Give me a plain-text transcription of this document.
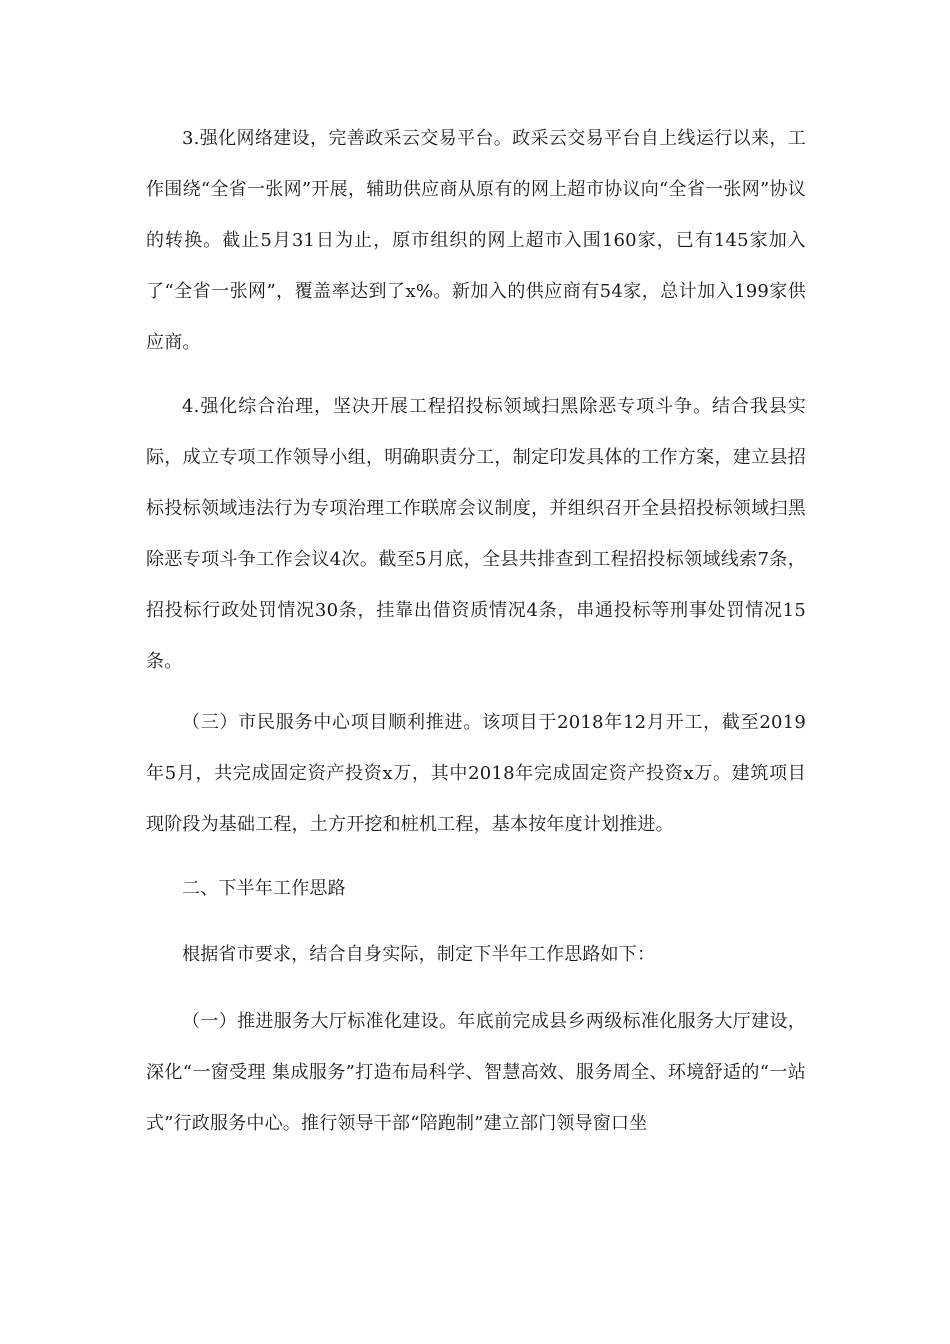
3.强化网络建设，完善政采云交易平台。政采云交易平台自上线运行以来，工作围绕“全省一张网”开展，辅助供应商从原有的网上超市协议向“全省一张网”协议的转换。截止5月31日为止，原市组织的网上超市入围160家，已有145家加入了“全省一张网”，覆盖率达到了x%。新加入的供应商有54家，总计加入199家供应商。

4.强化综合治理，坚决开展工程招投标领域扫黑除恶专项斗争。结合我县实际，成立专项工作领导小组，明确职责分工，制定印发具体的工作方案，建立县招标投标领域违法行为专项治理工作联席会议制度，并组织召开全县招投标领域扫黑除恶专项斗争工作会议4次。截至5月底，全县共排查到工程招投标领域线索7条，招投标行政处罚情况30条，挂靠出借资质情况4条，串通投标等刑事处罚情况15条。

（三）市民服务中心项目顺利推进。该项目于2018年12月开工，截至2019年5月，共完成固定资产投资x万，其中2018年完成固定资产投资x万。建筑项目现阶段为基础工程，土方开挖和桩机工程，基本按年度计划推进。

二、下半年工作思路

根据省市要求，结合自身实际，制定下半年工作思路如下：

（一）推进服务大厅标准化建设。年底前完成县乡两级标准化服务大厅建设，深化“一窗受理 集成服务”打造布局科学、智慧高效、服务周全、环境舒适的“一站式”行政服务中心。推行领导干部“陪跑制”建立部门领导窗口坐
